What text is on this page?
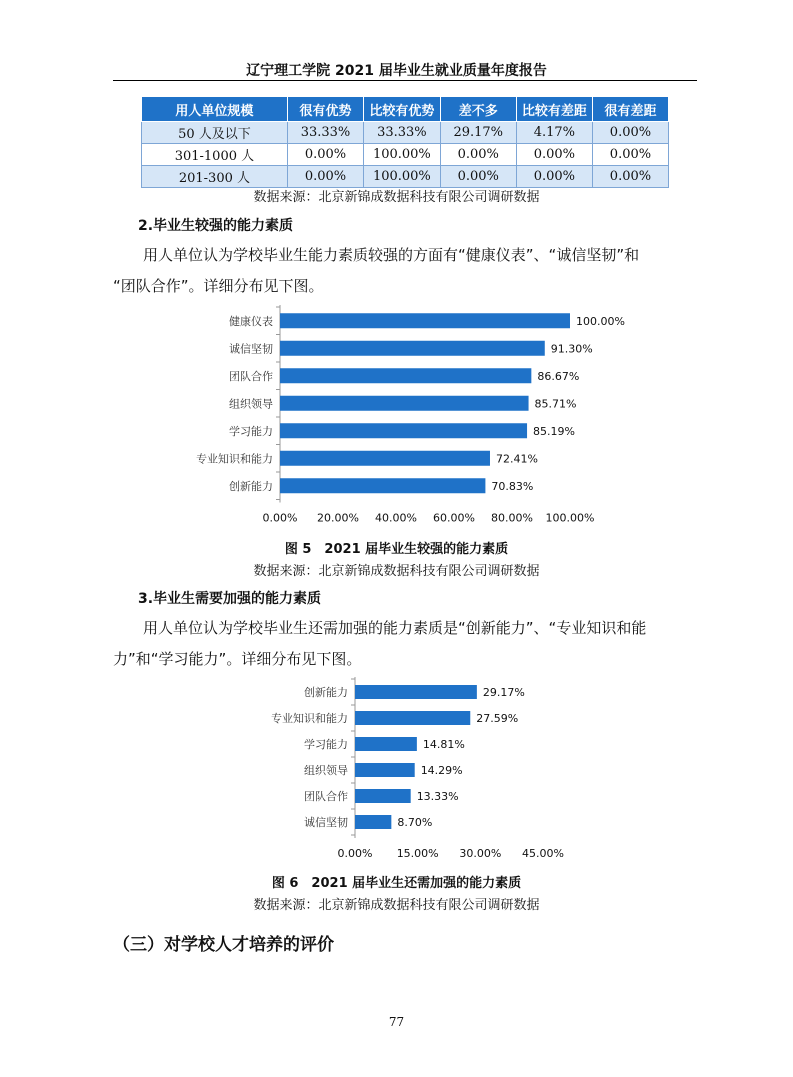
辽宁理工学院 2021 届毕业生就业质量年度报告
用人单位规模	很有优势	比较有优势	差不多	比较有差距	很有差距
50 人及以下	33.33%	33.33%	29.17%	4.17%	0.00%
301-1000 人	0.00%	100.00%	0.00%	0.00%	0.00%
201-300 人	0.00%	100.00%	0.00%	0.00%	0.00%
数据来源：北京新锦成数据科技有限公司调研数据
2.毕业生较强的能力素质
用人单位认为学校毕业生能力素质较强的方面有“健康仪表”、“诚信坚韧”和
“团队合作”。详细分布见下图。
健康仪表	100.00%
诚信坚韧	91.30%
团队合作	86.67%
组织领导	85.71%
学习能力	85.19%
专业知识和能力	72.41%
创新能力	70.83%
0.00% 20.00% 40.00% 60.00% 80.00% 100.00%
图 5　2021 届毕业生较强的能力素质
数据来源：北京新锦成数据科技有限公司调研数据
3.毕业生需要加强的能力素质
用人单位认为学校毕业生还需加强的能力素质是“创新能力”、“专业知识和能
力”和“学习能力”。详细分布见下图。
创新能力	29.17%
专业知识和能力	27.59%
学习能力	14.81%
组织领导	14.29%
团队合作	13.33%
诚信坚韧	8.70%
0.00% 15.00% 30.00% 45.00%
图 6　2021 届毕业生还需加强的能力素质
数据来源：北京新锦成数据科技有限公司调研数据
（三）对学校人才培养的评价
77
